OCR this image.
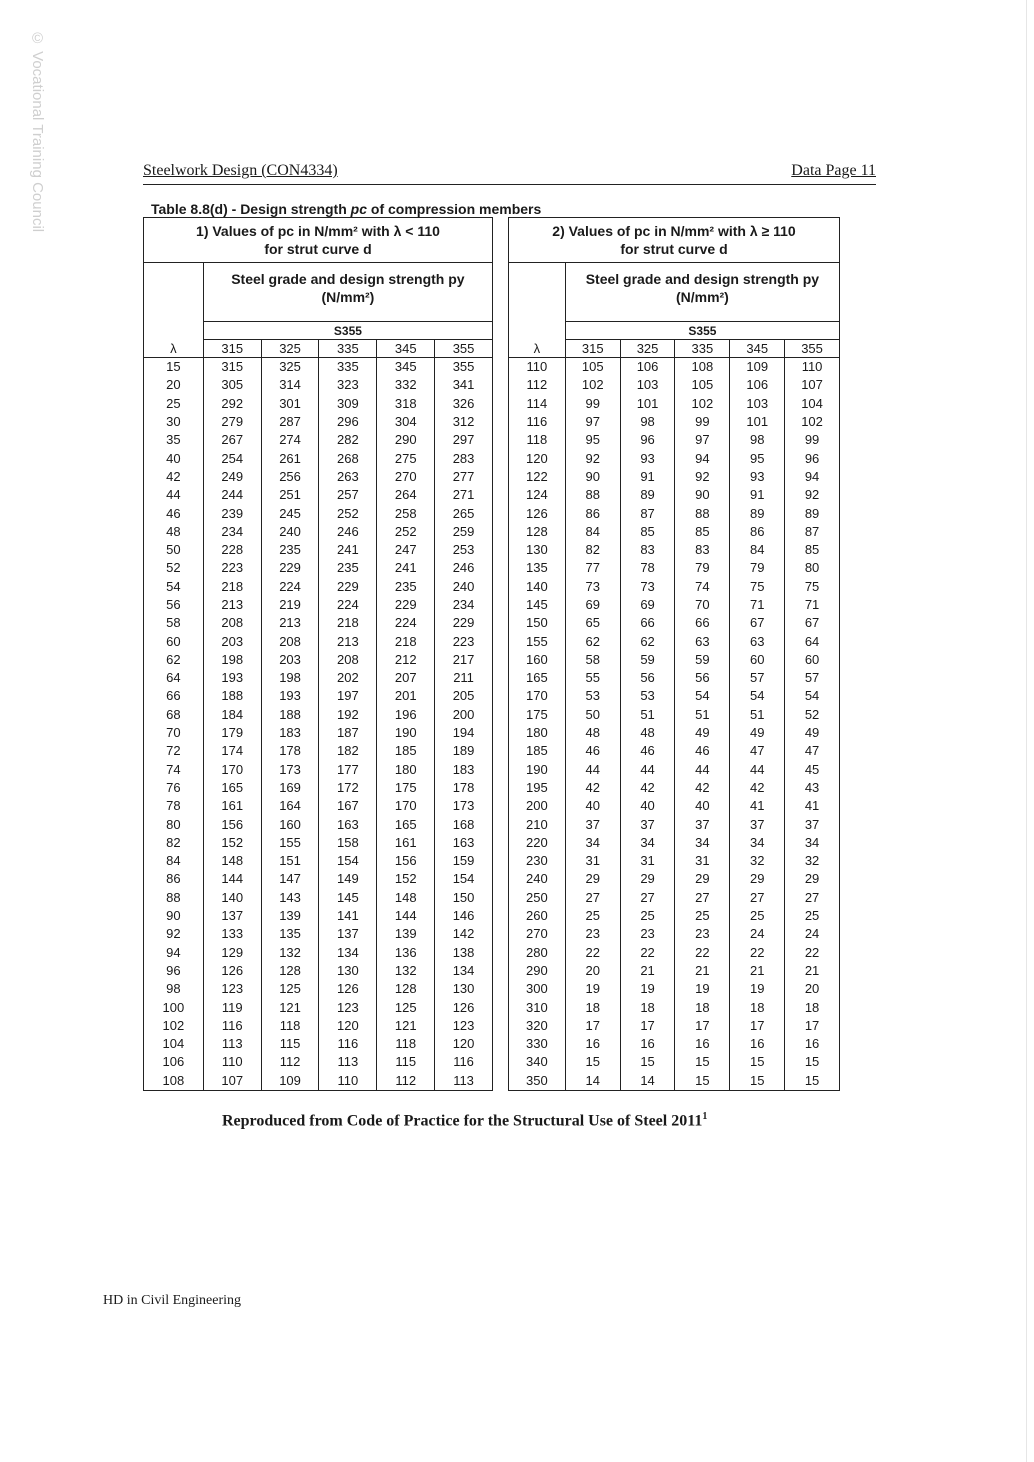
© Vocational Training Council	Steelwork Design (CON4334)	Data Page 11
Table 8.8(d) - Design strength pc of compression members
1) Values of pc in N/mm² with λ < 110
for strut curve d					

	Steel grade and design strength py
(N/mm²)				

	S355				
λ	315	325	335	345	355
15	315	325	335	345	355
20	305	314	323	332	341
25	292	301	309	318	326
30	279	287	296	304	312
35	267	274	282	290	297
40	254	261	268	275	283
42	249	256	263	270	277
44	244	251	257	264	271
46	239	245	252	258	265
48	234	240	246	252	259
50	228	235	241	247	253
52	223	229	235	241	246
54	218	224	229	235	240
56	213	219	224	229	234
58	208	213	218	224	229
60	203	208	213	218	223
62	198	203	208	212	217
64	193	198	202	207	211
66	188	193	197	201	205
68	184	188	192	196	200
70	179	183	187	190	194
72	174	178	182	185	189
74	170	173	177	180	183
76	165	169	172	175	178
78	161	164	167	170	173
80	156	160	163	165	168
82	152	155	158	161	163
84	148	151	154	156	159
86	144	147	149	152	154
88	140	143	145	148	150
90	137	139	141	144	146
92	133	135	137	139	142
94	129	132	134	136	138
96	126	128	130	132	134
98	123	125	126	128	130
100	119	121	123	125	126
102	116	118	120	121	123
104	113	115	116	118	120
106	110	112	113	115	116
108	107	109	110	112	113
2) Values of pc in N/mm² with λ ≥ 110
for strut curve d					

	Steel grade and design strength py
(N/mm²)				

	S355				
λ	315	325	335	345	355
110	105	106	108	109	110
112	102	103	105	106	107
114	99	101	102	103	104
116	97	98	99	101	102
118	95	96	97	98	99
120	92	93	94	95	96
122	90	91	92	93	94
124	88	89	90	91	92
126	86	87	88	89	89
128	84	85	85	86	87
130	82	83	83	84	85
135	77	78	79	79	80
140	73	73	74	75	75
145	69	69	70	71	71
150	65	66	66	67	67
155	62	62	63	63	64
160	58	59	59	60	60
165	55	56	56	57	57
170	53	53	54	54	54
175	50	51	51	51	52
180	48	48	49	49	49
185	46	46	46	47	47
190	44	44	44	44	45
195	42	42	42	42	43
200	40	40	40	41	41
210	37	37	37	37	37
220	34	34	34	34	34
230	31	31	31	32	32
240	29	29	29	29	29
250	27	27	27	27	27
260	25	25	25	25	25
270	23	23	23	24	24
280	22	22	22	22	22
290	20	21	21	21	21
300	19	19	19	19	20
310	18	18	18	18	18
320	17	17	17	17	17
330	16	16	16	16	16
340	15	15	15	15	15
350	14	14	15	15	15
Reproduced from Code of Practice for the Structural Use of Steel 2011$^1$
HD in Civil Engineering
